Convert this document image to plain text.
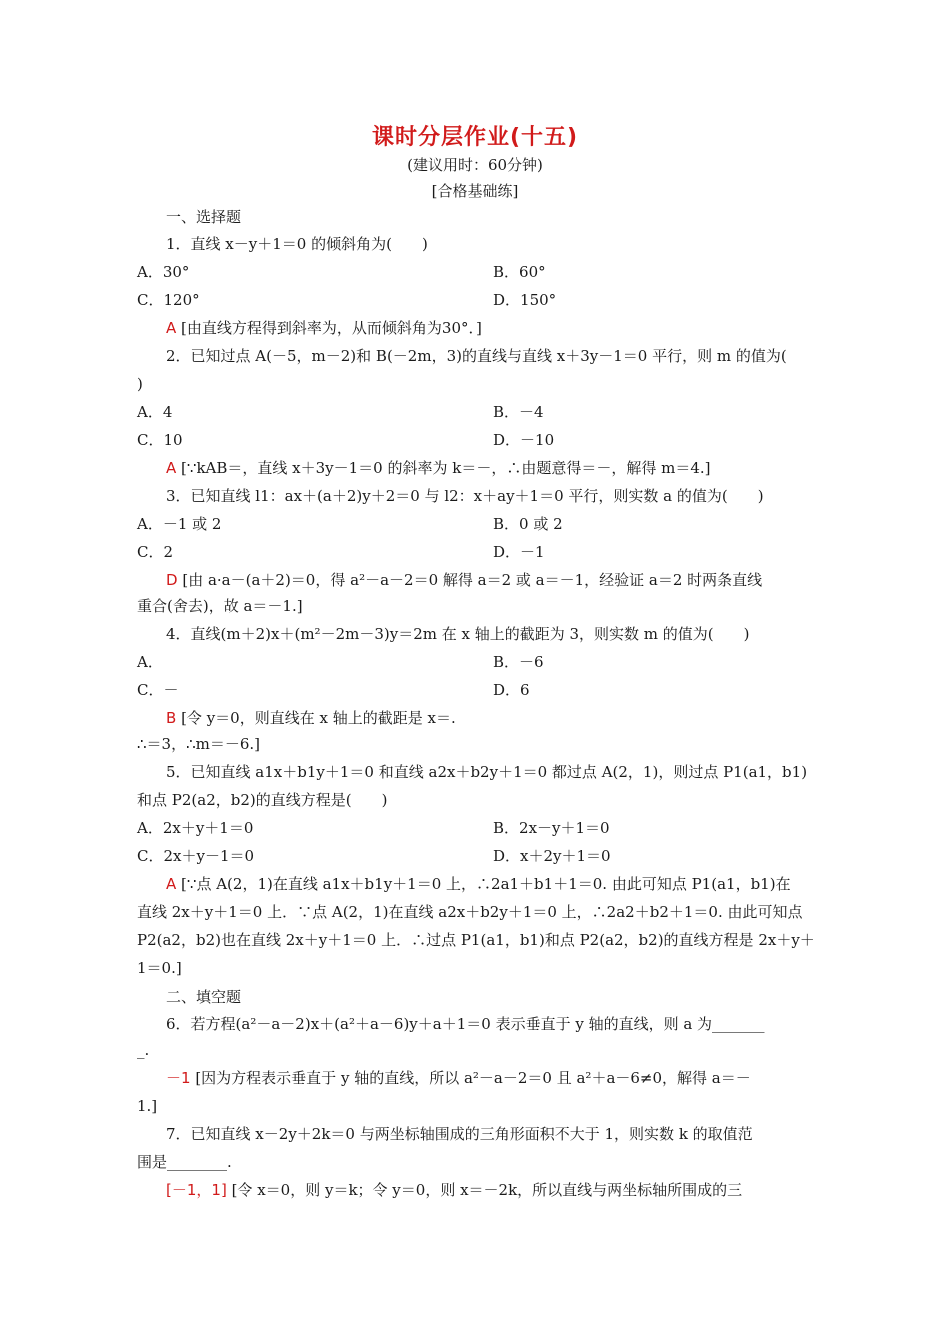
课时分层作业(十五)
(建议用时：60分钟)
[合格基础练]
一、选择题
1．直线 x－y＋1＝0 的倾斜角为(　　)
A．30°	B．60°
C．120°	D．150°
A [由直线方程得到斜率为，从而倾斜角为30°．]
2．已知过点 A(－5，m－2)和 B(－2m，3)的直线与直线 x＋3y－1＝0 平行，则 m 的值为(
)
A．4	B．－4
C．10	D．－10
A [∵kAB＝，直线 x＋3y－1＝0 的斜率为 k＝－，∴由题意得＝－，解得 m＝4.]
3．已知直线 l1：ax＋(a＋2)y＋2＝0 与 l2：x＋ay＋1＝0 平行，则实数 a 的值为(　　)
A．－1 或 2	B．0 或 2
C．2	D．－1
D [由 a·a－(a＋2)＝0，得 a²－a－2＝0 解得 a＝2 或 a＝－1，经验证 a＝2 时两条直线
重合(舍去)，故 a＝－1.]
4．直线(m＋2)x＋(m²－2m－3)y＝2m 在 x 轴上的截距为 3，则实数 m 的值为(　　)
A．	B．－6
C．－	D．6
B [令 y＝0，则直线在 x 轴上的截距是 x＝.
∴＝3，∴m＝－6.]
5．已知直线 a1x＋b1y＋1＝0 和直线 a2x＋b2y＋1＝0 都过点 A(2，1)，则过点 P1(a1，b1)
和点 P2(a2，b2)的直线方程是(　　)
A．2x＋y＋1＝0	B．2x－y＋1＝0
C．2x＋y－1＝0	D．x＋2y＋1＝0
A [∵点 A(2，1)在直线 a1x＋b1y＋1＝0 上，∴2a1＋b1＋1＝0. 由此可知点 P1(a1，b1)在
直线 2x＋y＋1＝0 上．∵点 A(2，1)在直线 a2x＋b2y＋1＝0 上，∴2a2＋b2＋1＝0. 由此可知点
P2(a2，b2)也在直线 2x＋y＋1＝0 上．∴过点 P1(a1，b1)和点 P2(a2，b2)的直线方程是 2x＋y＋
1＝0.]
二、填空题
6．若方程(a²－a－2)x＋(a²＋a－6)y＋a＋1＝0 表示垂直于 y 轴的直线，则 a 为_______
_.
－1 [因为方程表示垂直于 y 轴的直线，所以 a²－a－2＝0 且 a²＋a－6≠0，解得 a＝－
1.]
7．已知直线 x－2y＋2k＝0 与两坐标轴围成的三角形面积不大于 1，则实数 k 的取值范
围是________.
[－1，1] [令 x＝0，则 y＝k；令 y＝0，则 x＝－2k，所以直线与两坐标轴所围成的三
